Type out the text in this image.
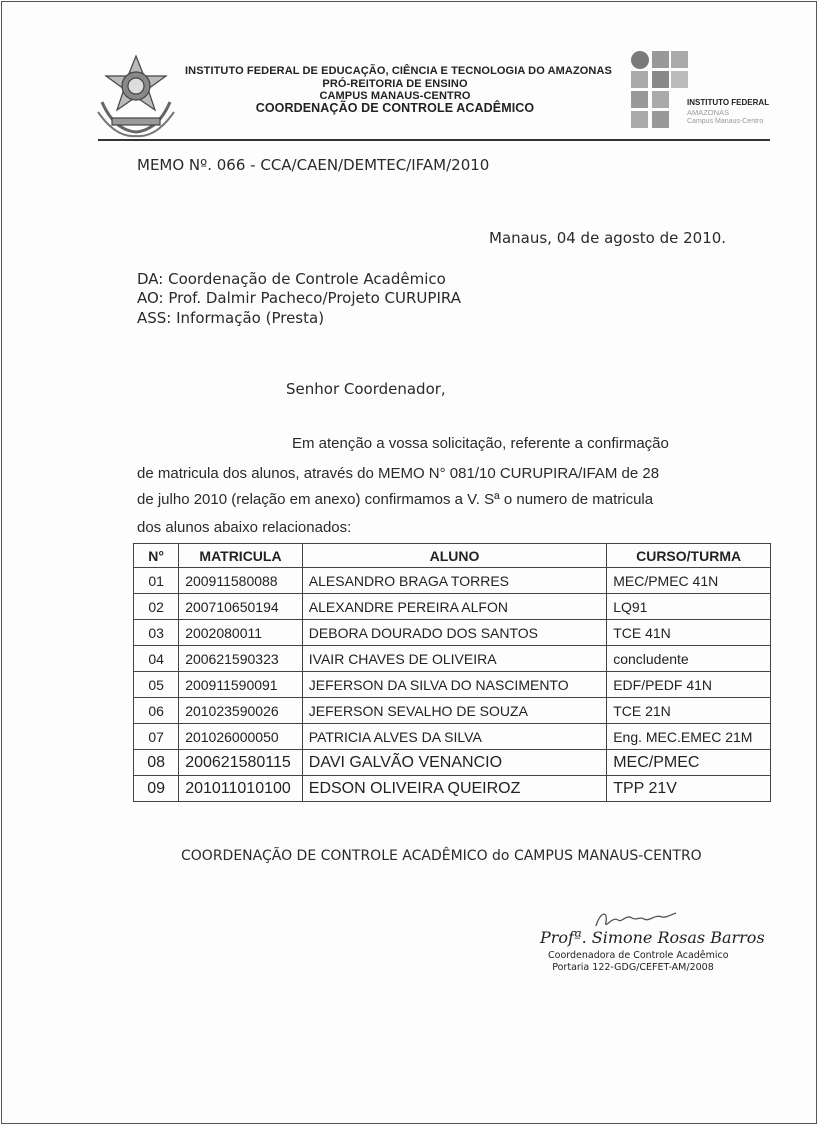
INSTITUTO FEDERAL DE EDUCAÇÃO, CIÊNCIA E TECNOLOGIA DO AMAZONAS
PRÓ-REITORIA DE ENSINO
CAMPUS MANAUS-CENTRO
COORDENAÇÃO DE CONTROLE ACADÊMICO	INSTITUTO FEDERAL
AMAZONAS
Campus Manaus-Centro
MEMO Nº. 066 - CCA/CAEN/DEMTEC/IFAM/2010
Manaus, 04 de agosto de 2010.
DA: Coordenação de Controle Acadêmico
AO: Prof. Dalmir Pacheco/Projeto CURUPIRA
ASS: Informação (Presta)
Senhor Coordenador,
Em atenção a vossa solicitação, referente a confirmação
de matricula dos alunos, através do MEMO N° 081/10 CURUPIRA/IFAM de 28
de julho 2010 (relação em anexo) confirmamos a V. Sª o numero de matricula
dos alunos abaixo relacionados:
N°	MATRICULA	ALUNO	CURSO/TURMA
01	200911580088	ALESANDRO BRAGA TORRES	MEC/PMEC 41N
02	200710650194	ALEXANDRE PEREIRA ALFON	LQ91
03	2002080011	DEBORA DOURADO DOS SANTOS	TCE 41N
04	200621590323	IVAIR CHAVES DE OLIVEIRA	concludente
05	200911590091	JEFERSON DA SILVA DO NASCIMENTO	EDF/PEDF 41N
06	201023590026	JEFERSON SEVALHO DE SOUZA	TCE 21N
07	201026000050	PATRICIA ALVES DA SILVA	Eng. MEC.EMEC 21M
08	200621580115	DAVI GALVÃO VENANCIO	MEC/PMEC
09	201011010100	EDSON OLIVEIRA QUEIROZ	TPP 21V
COORDENAÇÃO DE CONTROLE ACADÊMICO do CAMPUS MANAUS-CENTRO
Profª. Simone Rosas Barros
Coordenadora de Controle Acadêmico
Portaria 122-GDG/CEFET-AM/2008
